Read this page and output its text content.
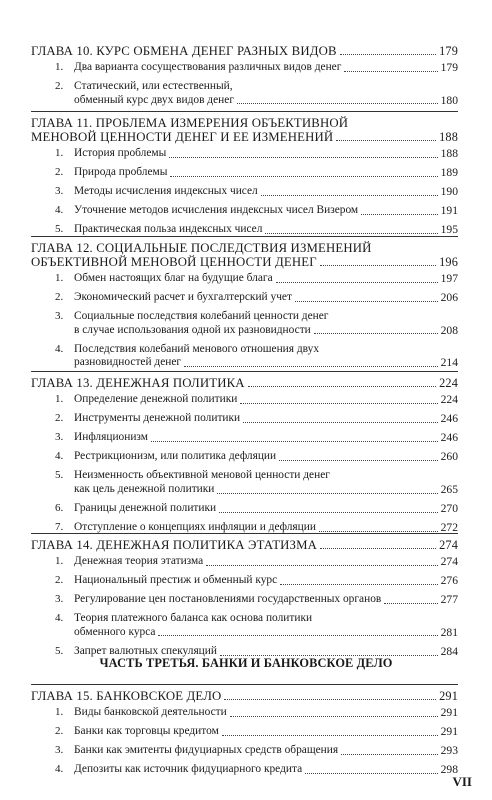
ГЛАВА 10. КУРС ОБМЕНА ДЕНЕГ РАЗНЫХ ВИДОВ	179
1. Два варианта сосуществования различных видов денег	179
2. Статический, или естественный,
обменный курс двух видов денег	180
ГЛАВА 11. ПРОБЛЕМА ИЗМЕРЕНИЯ ОБЪЕКТИВНОЙ
МЕНОВОЙ ЦЕННОСТИ ДЕНЕГ И ЕЕ ИЗМЕНЕНИЙ	188
1. История проблемы	188
2. Природа проблемы	189
3. Методы исчисления индексных чисел	190
4. Уточнение методов исчисления индексных чисел Визером	191
5. Практическая польза индексных чисел	195
ГЛАВА 12. СОЦИАЛЬНЫЕ ПОСЛЕДСТВИЯ ИЗМЕНЕНИЙ
ОБЪЕКТИВНОЙ МЕНОВОЙ ЦЕННОСТИ ДЕНЕГ	196
1. Обмен настоящих благ на будущие блага	197
2. Экономический расчет и бухгалтерский учет	206
3. Социальные последствия колебаний ценности денег
в случае использования одной их разновидности	208
4. Последствия колебаний менового отношения двух
разновидностей денег	214
ГЛАВА 13. ДЕНЕЖНАЯ ПОЛИТИКА	224
1. Определение денежной политики	224
2. Инструменты денежной политики	246
3. Инфляционизм	246
4. Рестрикционизм, или политика дефляции	260
5. Неизменность объективной меновой ценности денег
как цель денежной политики	265
6. Границы денежной политики	270
7. Отступление о концепциях инфляции и дефляции	272
ГЛАВА 14. ДЕНЕЖНАЯ ПОЛИТИКА ЭТАТИЗМА	274
1. Денежная теория этатизма	274
2. Национальный престиж и обменный курс	276
3. Регулирование цен постановлениями государственных органов	277
4. Теория платежного баланса как основа политики
обменного курса	281
5. Запрет валютных спекуляций	284
ГЛАВА 15. БАНКОВСКОЕ ДЕЛО	291
1. Виды банковской деятельности	291
2. Банки как торговцы кредитом	291
3. Банки как эмитенты фидуциарных средств обращения	293
4. Депозиты как источник фидуциарного кредита	298
ЧАСТЬ ТРЕТЬЯ. БАНКИ И БАНКОВСКОЕ ДЕЛО
VII
